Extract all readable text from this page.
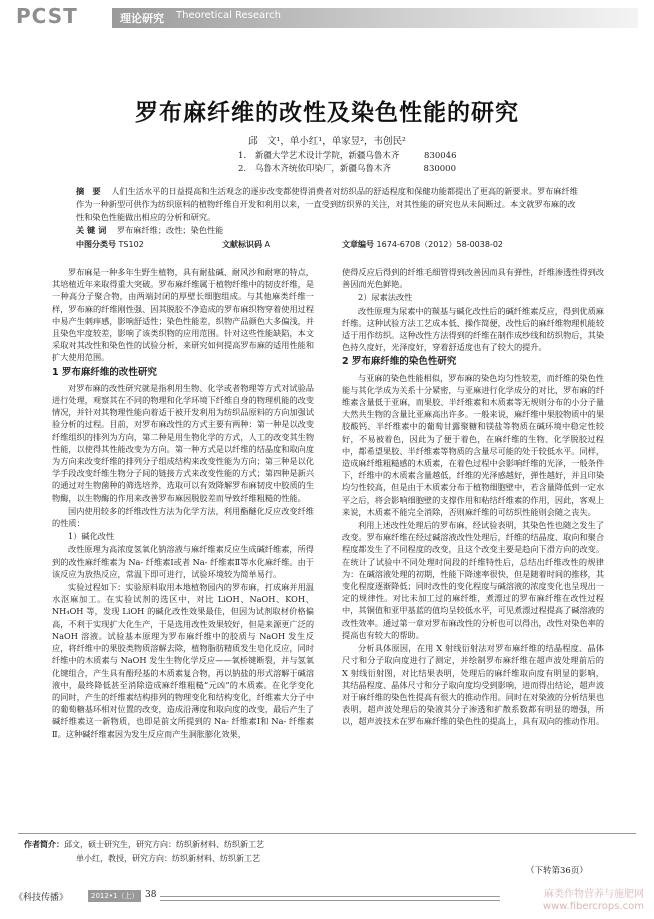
PCST	理论研究 Theoretical Research
罗布麻纤维的改性及染色性能的研究
邱　文¹，单小红¹，单家昱²，韦创民²
1. 新疆大学艺术设计学院，新疆乌鲁木齐	830046
2. 乌鲁木齐统依印染厂，新疆乌鲁木齐	830000
摘　要 人们生活水平的日益提高和生活观念的逐步改变都使得消费者对纺织品的舒适程度和保健功能都提出了更高的新要求。罗布麻纤维作为一种新型可供作为纺织原料的植物纤维自开发和利用以来，一直受到纺织界的关注，对其性能的研究也从未间断过。本文就罗布麻的改性和染色性能做出相应的分析和研究。
关 键 词 罗布麻纤维；改性；染色性能
中图分类号 TS102	文献标识码 A	文章编号 1674-6708（2012）58-0038-02

罗布麻是一种多年生野生植物，具有耐盐碱、耐风沙和耐寒的特点，其培植近年来取得重大突破。罗布麻纤维属于植物纤维中的韧皮纤维，是一种高分子聚合物，由两端封闭的厚壁长细胞组成。与其他麻类纤维一样，罗布麻的纤维刚性强、因其脱胶不净造成的罗布麻织物穿着使用过程中易产生刺痒感，影响舒适性；染色性能差，织物产品颜色大多偏浅，并且染色牢度较差，影响了该类织物的应用范围。针对这些性能缺陷，本文采取对其改性和染色性的试验分析，来研究如何提高罗布麻的适用性能和扩大使用范围。

1 罗布麻纤维的改性研究

对罗布麻的改性研究就是指利用生物、化学或者物理等方式对试验品进行处理，观察其在不同的物理和化学环境下纤维自身的物理机能的改变情况，并针对其物理性能向着适于被开发利用为纺织品原料的方向加强试验分析的过程。目前，对罗布麻改性的方式主要有两种：第一种是以改变纤维组织的排列为方向，第二种是用生物化学的方式，人工的改变其生物性能，以使得其性能改变为方向。第一种方式是以纤维的结晶度和取向度为方向来改变纤维的排列分子组成结构来改变性能为方向；第三种是以化学手段改变纤维生物分子间的链接方式来改变性能的方式；第四种是新兴的通过对生物菌种的筛选培养，选取可以有效降解罗布麻韧皮中胶质的生物酶，以生物酶的作用来改善罗布麻因脱胶差而导致纤维粗糙的性能。

国内使用较多的纤维改性方法为化学方法，利用酯醚化反应改变纤维的性质：

1）碱化改性

改性原理为高浓度氢氧化钠溶液与麻纤维素反应生成碱纤维素，所得到的改性麻纤维素为 Na- 纤维素Ⅰ或者 Na- 纤维素Ⅱ等水化麻纤维。由于该反应为放热反应，常温下即可进行，试验环境较为简单易行。

实验过程如下：实验原料取用本地植物园内的罗布麻，打成麻并用温水沤麻加工。在实验试剂的选区中，对比 LiOH、NaOH、KOH、NH₄OH 等，发现 LiOH 的碱化改性效果最佳，但因为试剂取材价格偏高，不利于实现扩大化生产，于是选用改性效果较好，但是来源更广泛的 NaOH 溶液。试验基本原理为罗布麻纤维中的胶质与 NaOH 发生反应，将纤维中的果胶类物质溶解去除，植物脂肪精质发生皂化反应，同时纤维中的木质素与 NaOH 发生生物化学反应——氧桥键断裂，并与氢氧化键组合，产生具有酚羟基的木质素复合物，再以钠盐的形式溶解于碱溶液中，最终降低甚至消除造成麻纤维粗糙“元凶”的木质素。在化学变化的同时，产生的纤维素结构排列的物理变化和结构变化，纤维素大分子中的葡萄糖基环相对位置的改变，造成沿薄度和取向度的改变，最后产生了碱纤维素这一新物质，也即是前文所提到的 Na- 纤维素Ⅰ和 Na- 纤维素Ⅱ。这种碱纤维素因为发生反应而产生洞胀膨化效果，

使得反应后得到的纤维毛细管得到改善因而具有弹性，纤维渗透性得到改善因而光色鲜艳。

2）尿素法改性

改性原理为尿素中的羰基与碱化改性后的碱纤维素反应，得到优质麻纤维。这种试验方法工艺成本低、操作简便，改性后的麻纤维物理机能较适于用作纺织。这种改性方法得到的纤维在制作成纱线和纺织物后，其染色持久度好，光泽度好，穿着舒适度也有了较大的提升。

2 罗布麻纤维的染色性研究

与亚麻的染色性能相似，罗布麻的染色均匀性较差，而纤维的染色性能与其化学成为关系十分紧密，与亚麻进行化学成分的对比，罗布麻的纤维素含量低于亚麻，而果胶、半纤维素和木质素等无规则分布的小分子量大然共生物的含量比亚麻高出许多。一般来说，麻纤维中果胶物质中的果胶酸钙、半纤维素中的葡萄甘露聚糖和镁盐等物质在碱环境中稳定性较好，不易被着色，因此为了便于着色，在麻纤维的生物、化学脱胶过程中，都希望果胶、半纤维素等物质的含量尽可能的处于较低水平。同样，造成麻纤维粗糙感的木质素，在着色过程中会影响纤维的光泽，一般条件下，纤维中的木质素含量越低，纤维的光泽感越好，弹性越好，并且印染均匀性较高，但是由于木质素分布于植物细胞壁中，若含量降低到一定水平之后，将会影响细胞壁的支撑作用和粘结纤维素的作用，因此，客观上来说，木质素不能完全消除，否则麻纤维的可纺织性能则会随之丧失。

利用上述改性处理后的罗布麻，经试验表明，其染色性也随之发生了改变。罗布麻纤维在经过碱溶液改性处理后，纤维的结晶度、取向和聚合程度都发生了不同程度的改变，且这个改变主要是趋向下滑方向的改变。在统计了试验中不同处理时间段的纤维特性后，总结出纤维改性的规律为：在碱溶液处理的初期，性能下降速率很快，但是随着时间的推移，其变化程度逐渐降低；同时改性的变化程度与碱溶液的浓度变化也呈现出一定的规律性。对比未加工过的麻纤维，煮漂过的罗布麻纤维在改性过程中，其铜值和亚甲基蓝的值均呈较低水平，可见煮漂过程提高了碱溶液的改性效率。通过第一章对罗布麻改性的分析也可以得出，改性对染色率的提高也有较大的帮助。

分析具体原因，在用 X 射线衍射法对罗布麻纤维的结晶程度、晶体尺寸和分子取向度进行了测定，并绘制罗布麻纤维在超声波处理前后的 X 射线衍射图，对比结果表明，处理后的麻纤维取向度有明显的影响，其结晶程度、晶体尺寸和分子取向度均受到影响，进而得出结论，超声波对于麻纤维的染色性提高有很大的推动作用。同时在对染液的分析结果也表明，超声波处理后的染液其分子渗透和扩散系数都有明显的增强，所以，超声波技术在罗布麻纤维的染色性的提高上，具有双向的推动作用。

作者简介：邱文，硕士研究生，研究方向：纺织新材料、纺织新工艺
单小红，教授，研究方向：纺织新材料、纺织新工艺
（下转第36页）
《科技传播》	2012•1（上） 38	麻类作物营养与施肥网
www.fibercrops.com
